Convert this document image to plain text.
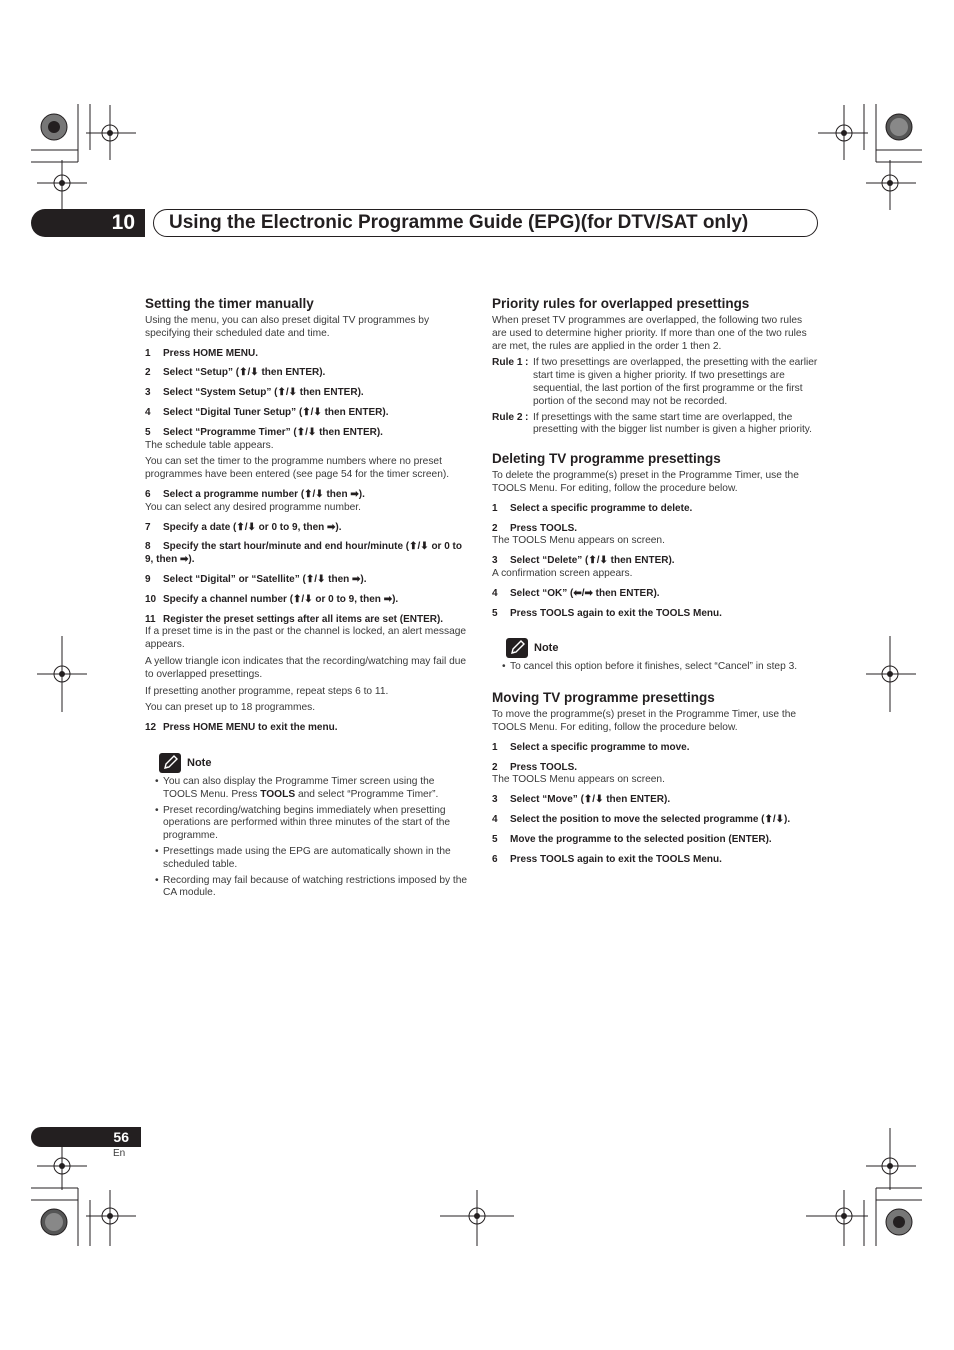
10	Using the Electronic Programme Guide (EPG)(for DTV/SAT only)
Setting the timer manually

Using the menu, you can also preset digital TV programmes by specifying their scheduled date and time.

1 Press HOME MENU.
2 Select “Setup” (⬆/⬇ then ENTER).
3 Select “System Setup” (⬆/⬇ then ENTER).
4 Select “Digital Tuner Setup” (⬆/⬇ then ENTER).
5 Select “Programme Timer” (⬆/⬇ then ENTER).
The schedule table appears.
You can set the timer to the programme numbers where no preset programmes have been entered (see page 54 for the timer screen).
6 Select a programme number (⬆/⬇ then ➡).
You can select any desired programme number.
7 Specify a date (⬆/⬇ or 0 to 9, then ➡).
8 Specify the start hour/minute and end hour/minute (⬆/⬇ or 0 to 9, then ➡).
9 Select “Digital” or “Satellite” (⬆/⬇ then ➡).
10 Specify a channel number (⬆/⬇ or 0 to 9, then ➡).
11 Register the preset settings after all items are set (ENTER).
If a preset time is in the past or the channel is locked, an alert message appears.
A yellow triangle icon indicates that the recording/watching may fail due to overlapped presettings.
If presetting another programme, repeat steps 6 to 11.
You can preset up to 18 programmes.
12 Press HOME MENU to exit the menu.
Note
• You can also display the Programme Timer screen using the TOOLS Menu. Press TOOLS and select “Programme Timer”.
• Preset recording/watching begins immediately when presetting operations are performed within three minutes of the start of the programme.
• Presettings made using the EPG are automatically shown in the scheduled table.
• Recording may fail because of watching restrictions imposed by the CA module.
Priority rules for overlapped presettings

When preset TV programmes are overlapped, the following two rules are used to determine higher priority. If more than one of the two rules are met, the rules are applied in the order 1 then 2.

Rule 1 : If two presettings are overlapped, the presetting with the earlier start time is given a higher priority. If two presettings are sequential, the last portion of the first programme or the first portion of the second may not be recorded.
Rule 2 : If presettings with the same start time are overlapped, the presetting with the bigger list number is given a higher priority.
Deleting TV programme presettings

To delete the programme(s) preset in the Programme Timer, use the TOOLS Menu. For editing, follow the procedure below.

1 Select a specific programme to delete.
2 Press TOOLS.
The TOOLS Menu appears on screen.
3 Select “Delete” (⬆/⬇ then ENTER).
A confirmation screen appears.
4 Select “OK” (⬅/➡ then ENTER).
5 Press TOOLS again to exit the TOOLS Menu.
Note
• To cancel this option before it finishes, select “Cancel” in step 3.
Moving TV programme presettings

To move the programme(s) preset in the Programme Timer, use the TOOLS Menu. For editing, follow the procedure below.

1 Select a specific programme to move.
2 Press TOOLS.
The TOOLS Menu appears on screen.
3 Select “Move” (⬆/⬇ then ENTER).
4 Select the position to move the selected programme (⬆/⬇).
5 Move the programme to the selected position (ENTER).
6 Press TOOLS again to exit the TOOLS Menu.
56
En
